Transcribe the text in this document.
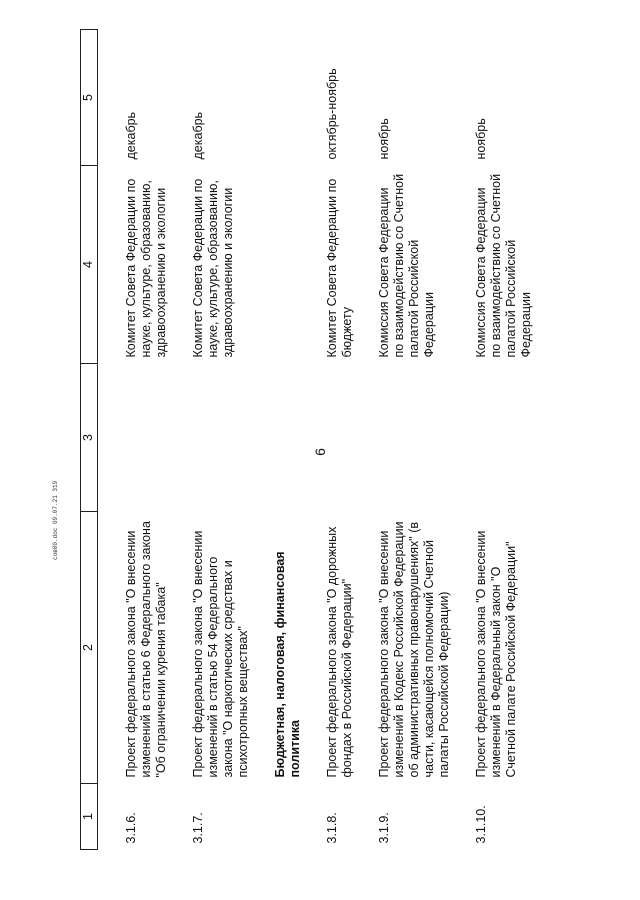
6
1	2	3	4	5
3.1.6.	Проект федерального закона "О внесении изменений в статью 6 Федерального закона "Об ограничении курения табака"		Комитет Совета Федерации по науке, культуре, образованию, здравоохранению и экологии	декабрь
3.1.7.	Проект федерального закона "О внесении изменений в статью 54 Федерального закона "О наркотических средствах и психотропных веществах"		Комитет Совета Федерации по науке, культуре, образованию, здравоохранению и экологии	декабрь
	Бюджетная, налоговая, финансовая политика			
3.1.8.	Проект федерального закона "О дорожных фондах в Российской Федерации"		Комитет Совета Федерации по бюджету	октябрь-ноябрь
3.1.9.	Проект федерального закона "О внесении изменений в Кодекс Российской Федерации об административных правонарушениях" (в части, касающейся полномочий Счетной палаты Российской Федерации)		Комиссия Совета Федерации по взаимодействию со Счетной палатой Российской Федерации	ноябрь
3.1.10.	Проект федерального закона "О внесении изменений в Федеральный закон "О Счетной палате Российской Федерации"		Комиссия Совета Федерации по взаимодействию со Счетной палатой Российской Федерации	ноябрь
сов00.doc 09.07.21 319
